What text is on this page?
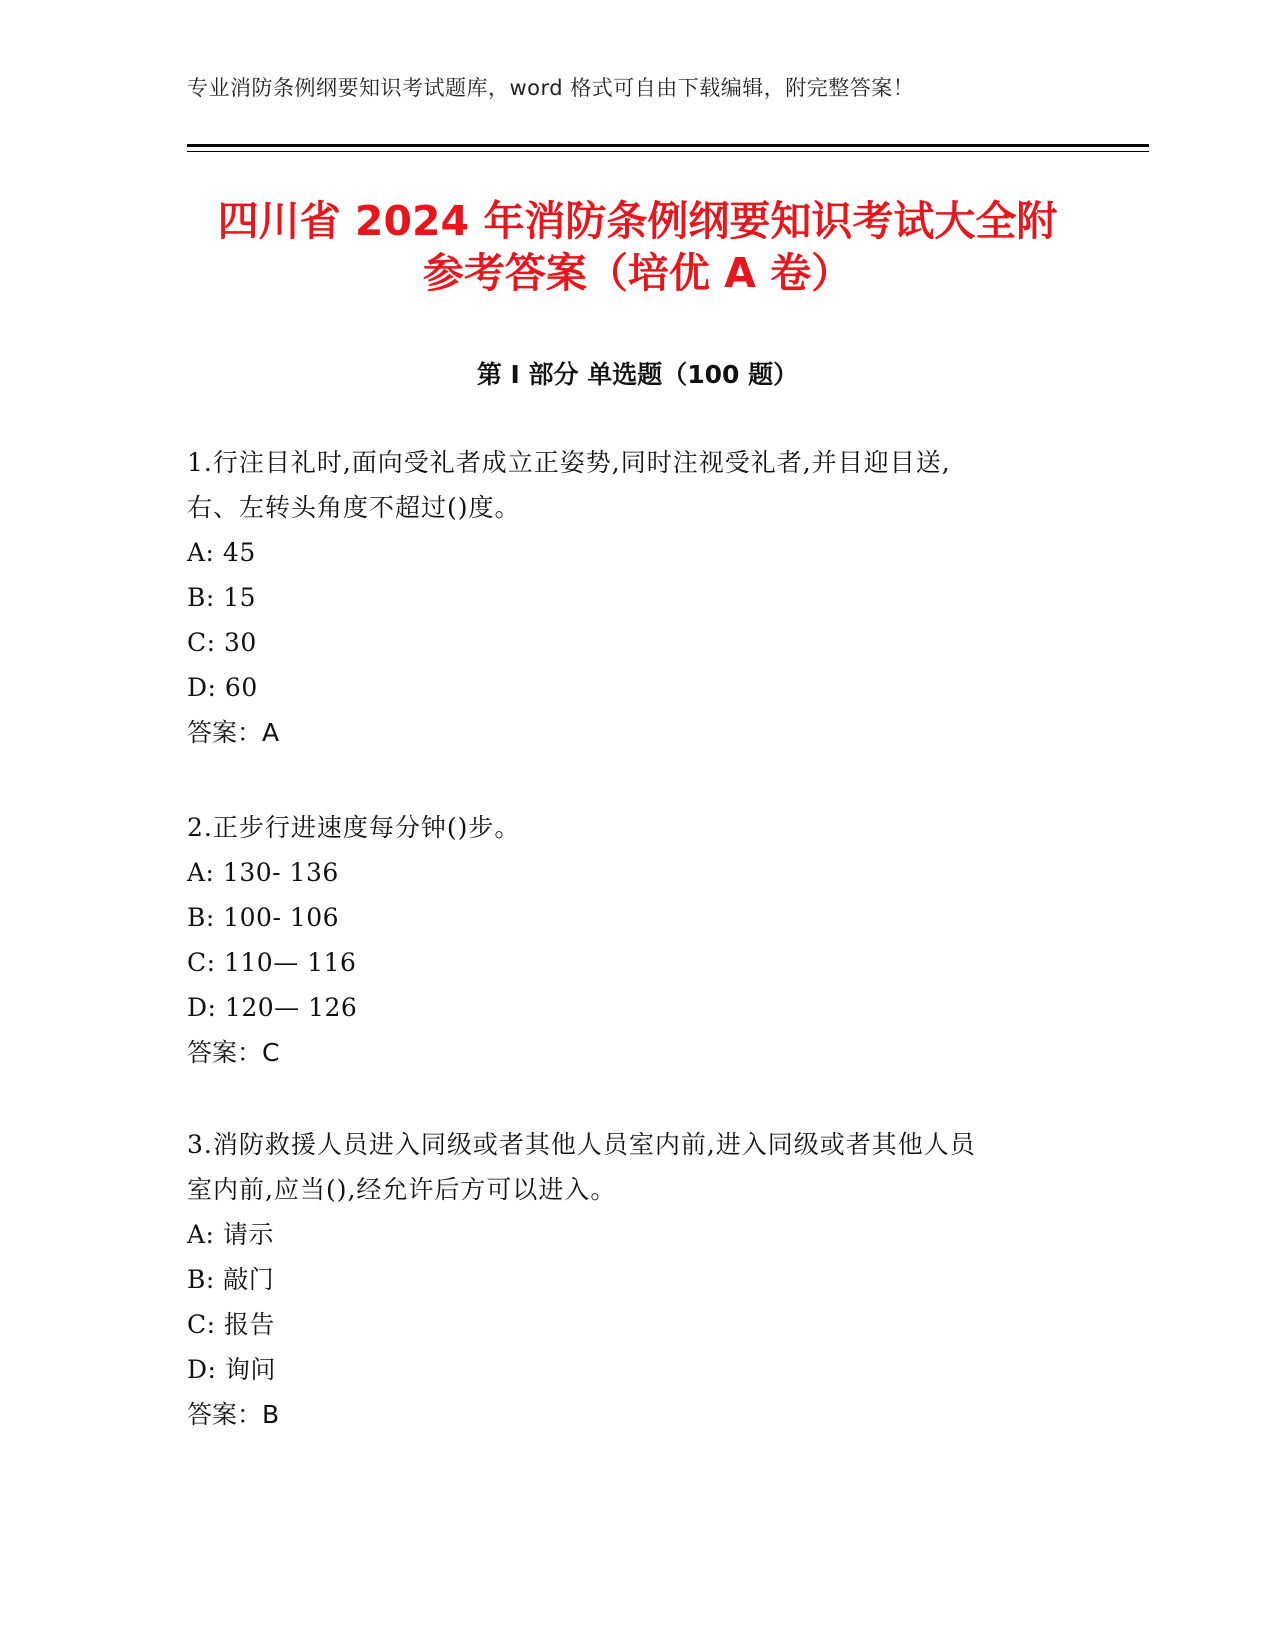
专业消防条例纲要知识考试题库，word 格式可自由下载编辑，附完整答案！
四川省 2024 年消防条例纲要知识考试大全附
参考答案（培优 A 卷）
第 I 部分 单选题（100 题）

1.行注目礼时,面向受礼者成立正姿势,同时注视受礼者,并目迎目送,
右、左转头角度不超过()度。

A: 45
B: 15
C: 30
D: 60
答案：A

2.正步行进速度每分钟()步。

A: 130- 136
B: 100- 106
C: 110— 116
D: 120— 126
答案：C

3.消防救援人员进入同级或者其他人员室内前,进入同级或者其他人员
室内前,应当(),经允许后方可以进入。

A: 请示
B: 敲门
C: 报告
D: 询问
答案：B
